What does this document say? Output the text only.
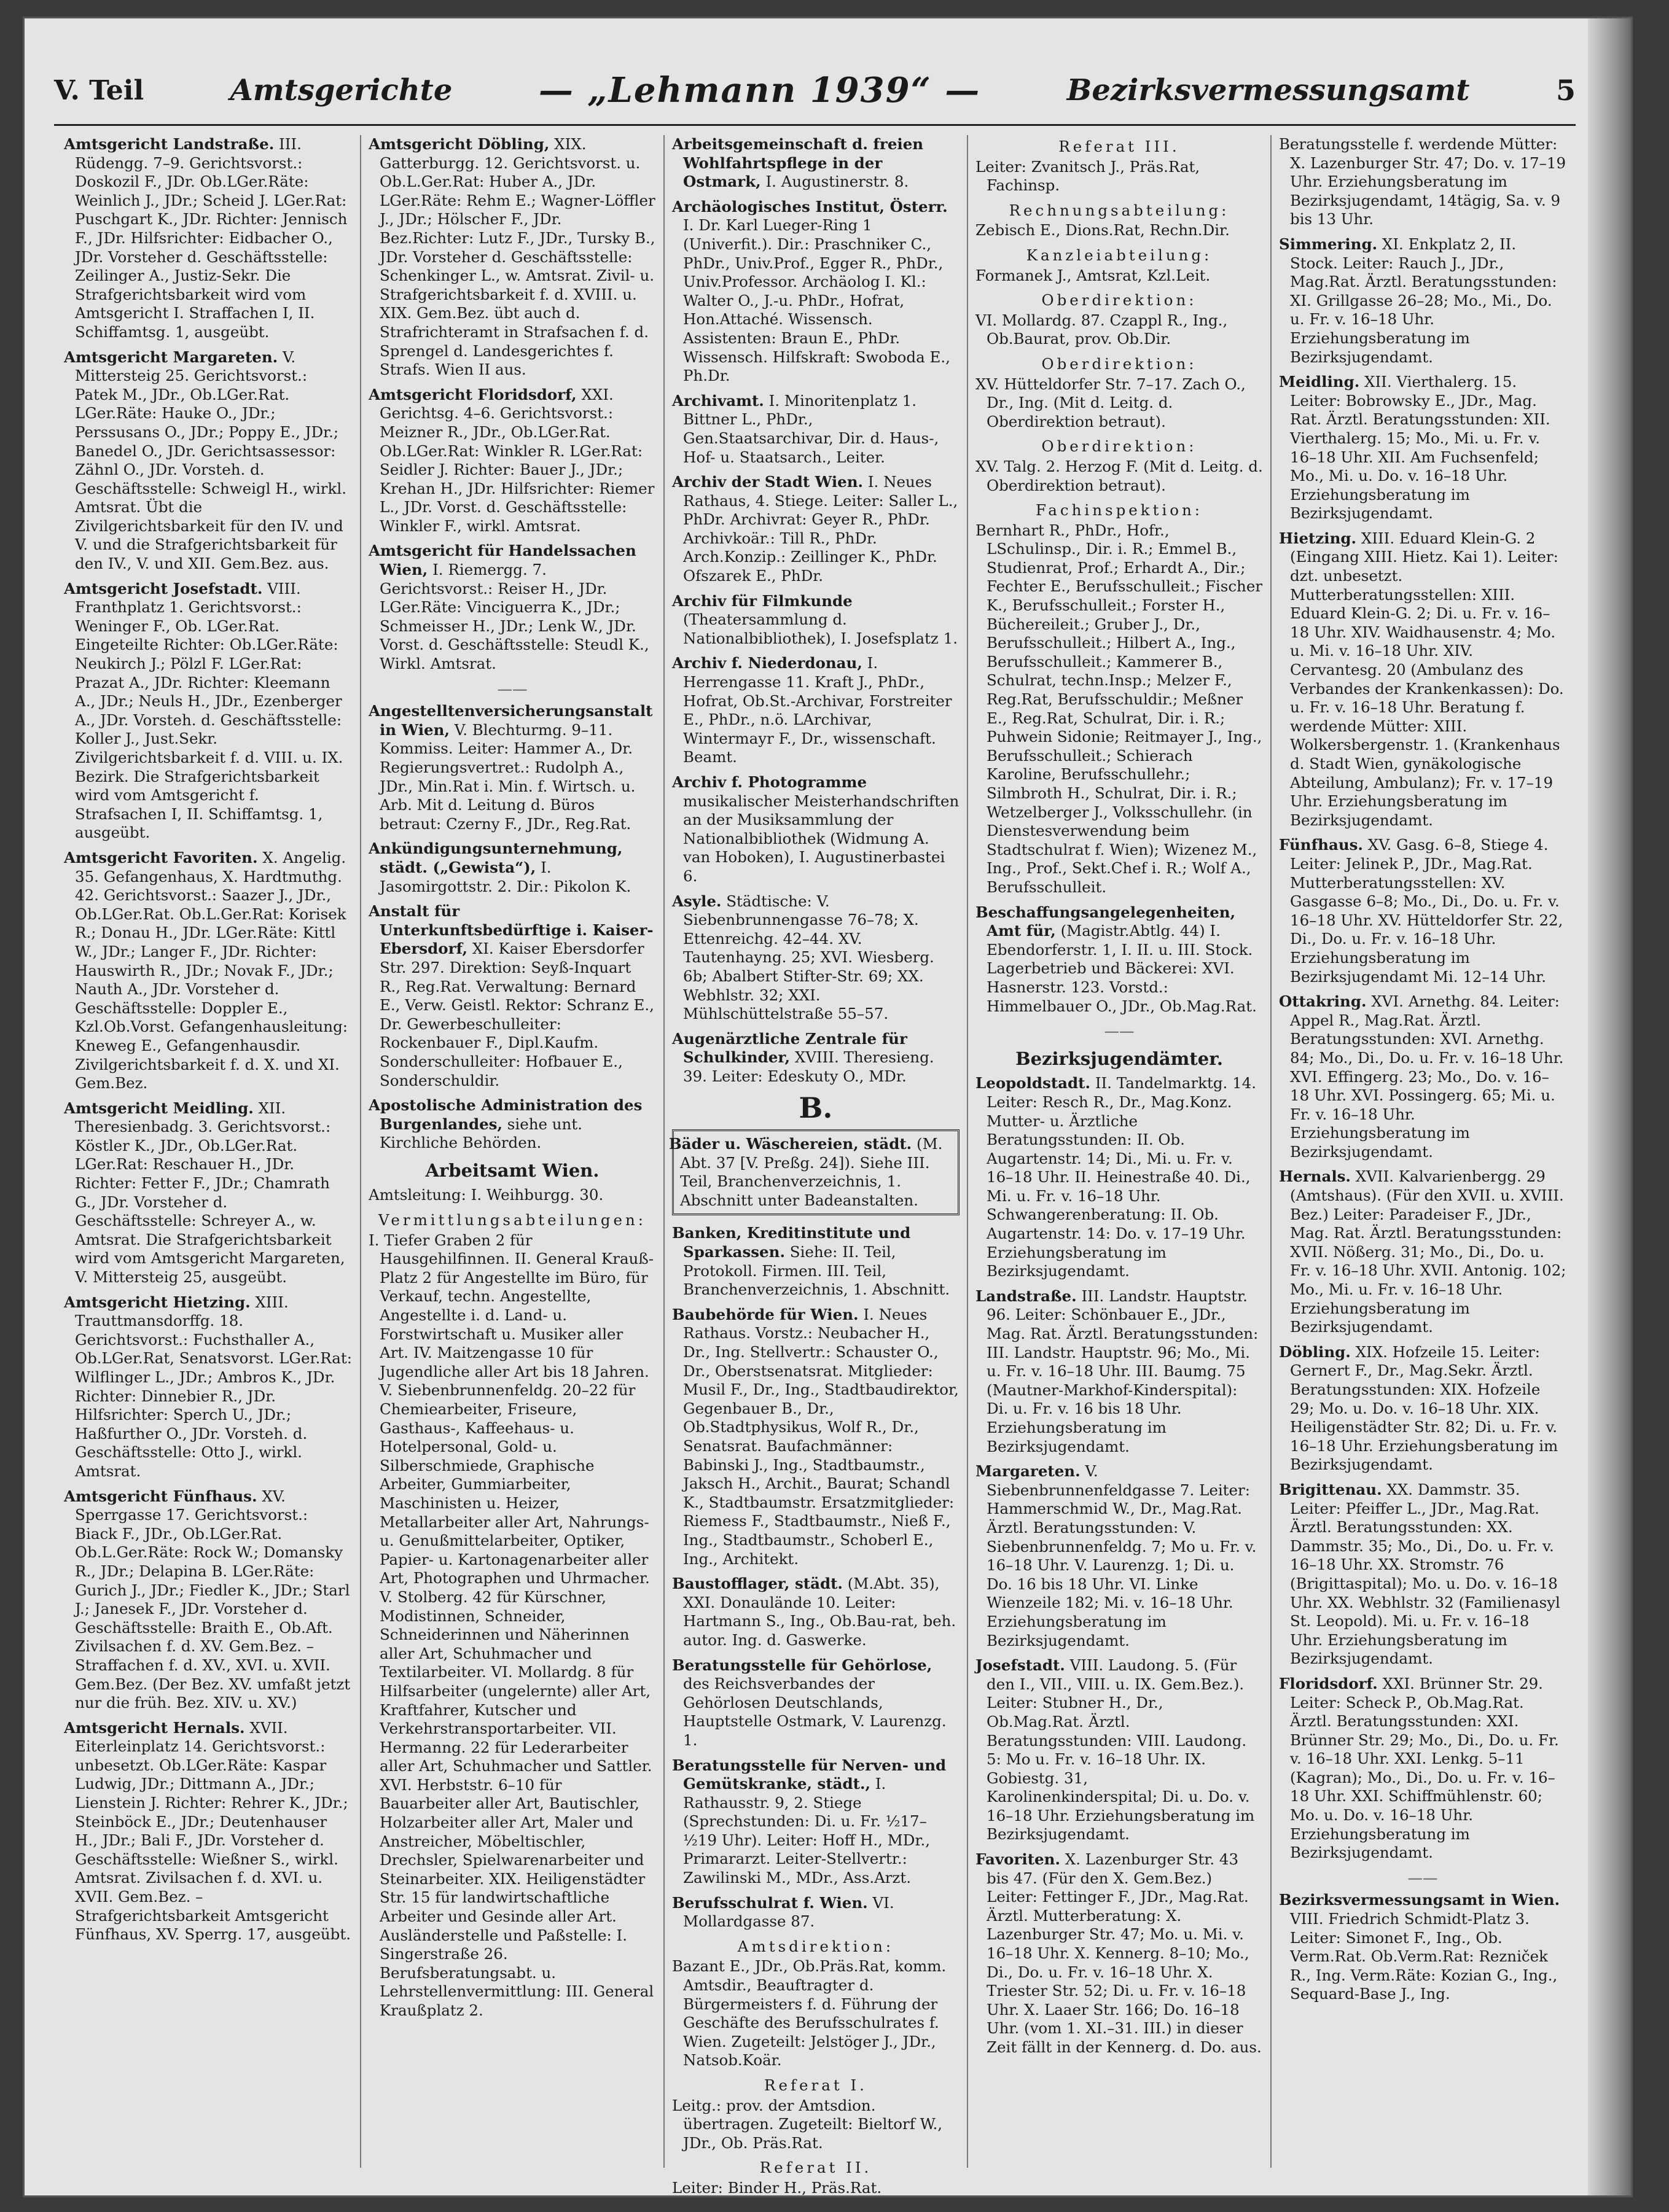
V. Teil	Amtsgerichte	— „Lehmann 1939“ —	Bezirksvermessungsamt	5
Amtsgericht Landstraße. III. Rüdengg. 7–9. Gerichtsvorst.: Doskozil F., JDr. Ob.LGer.Räte: Weinlich J., JDr.; Scheid J. LGer.Rat: Puschgart K., JDr. Richter: Jennisch F., JDr. Hilfsrichter: Eidbacher O., JDr. Vorsteher d. Geschäftsstelle: Zeilinger A., Justiz-Sekr. Die Strafgerichtsbarkeit wird vom Amtsgericht I. Straffachen I, II. Schiffamtsg. 1, ausgeübt.
Amtsgericht Margareten. V. Mittersteig 25. Gerichtsvorst.: Patek M., JDr., Ob.LGer.Rat. LGer.Räte: Hauke O., JDr.; Perssusans O., JDr.; Poppy E., JDr.; Banedel O., JDr. Gerichtsassessor: Zähnl O., JDr. Vorsteh. d. Geschäftsstelle: Schweigl H., wirkl. Amtsrat. Übt die Zivilgerichtsbarkeit für den IV. und V. und die Strafgerichtsbarkeit für den IV., V. und XII. Gem.Bez. aus.
Amtsgericht Josefstadt. VIII. Franthplatz 1. Gerichtsvorst.: Weninger F., Ob. LGer.Rat. Eingeteilte Richter: Ob.LGer.Räte: Neukirch J.; Pölzl F. LGer.Rat: Prazat A., JDr. Richter: Kleemann A., JDr.; Neuls H., JDr., Ezenberger A., JDr. Vorsteh. d. Geschäftsstelle: Koller J., Just.Sekr. Zivilgerichtsbarkeit f. d. VIII. u. IX. Bezirk. Die Strafgerichtsbarkeit wird vom Amtsgericht f. Strafsachen I, II. Schiffamtsg. 1, ausgeübt.
Amtsgericht Favoriten. X. Angelig. 35. Gefangenhaus, X. Hardtmuthg. 42. Gerichtsvorst.: Saazer J., JDr., Ob.LGer.Rat. Ob.L.Ger.Rat: Korisek R.; Donau H., JDr. LGer.Räte: Kittl W., JDr.; Langer F., JDr. Richter: Hauswirth R., JDr.; Novak F., JDr.; Nauth A., JDr. Vorsteher d. Geschäftsstelle: Doppler E., Kzl.Ob.Vorst. Gefangenhausleitung: Kneweg E., Gefangenhausdir. Zivilgerichtsbarkeit f. d. X. und XI. Gem.Bez.
Amtsgericht Meidling. XII. Theresienbadg. 3. Gerichtsvorst.: Köstler K., JDr., Ob.LGer.Rat. LGer.Rat: Reschauer H., JDr. Richter: Fetter F., JDr.; Chamrath G., JDr. Vorsteher d. Geschäftsstelle: Schreyer A., w. Amtsrat. Die Strafgerichtsbarkeit wird vom Amtsgericht Margareten, V. Mittersteig 25, ausgeübt.
Amtsgericht Hietzing. XIII. Trauttmansdorffg. 18. Gerichtsvorst.: Fuchsthaller A., Ob.LGer.Rat, Senatsvorst. LGer.Rat: Wilflinger L., JDr.; Ambros K., JDr. Richter: Dinnebier R., JDr. Hilfsrichter: Sperch U., JDr.; Haßfurther O., JDr. Vorsteh. d. Geschäftsstelle: Otto J., wirkl. Amtsrat.
Amtsgericht Fünfhaus. XV. Sperrgasse 17. Gerichtsvorst.: Biack F., JDr., Ob.LGer.Rat. Ob.L.Ger.Räte: Rock W.; Domansky R., JDr.; Delapina B. LGer.Räte: Gurich J., JDr.; Fiedler K., JDr.; Starl J.; Janesek F., JDr. Vorsteher d. Geschäftsstelle: Braith E., Ob.Aft. Zivilsachen f. d. XV. Gem.Bez. – Straffachen f. d. XV., XVI. u. XVII. Gem.Bez. (Der Bez. XV. umfaßt jetzt nur die früh. Bez. XIV. u. XV.)
Amtsgericht Hernals. XVII. Eiterleinplatz 14. Gerichtsvorst.: unbesetzt. Ob.LGer.Räte: Kaspar Ludwig, JDr.; Dittmann A., JDr.; Lienstein J. Richter: Rehrer K., JDr.; Steinböck E., JDr.; Deutenhauser H., JDr.; Bali F., JDr. Vorsteher d. Geschäftsstelle: Wießner S., wirkl. Amtsrat. Zivilsachen f. d. XVI. u. XVII. Gem.Bez. – Strafgerichtsbarkeit Amtsgericht Fünfhaus, XV. Sperrg. 17, ausgeübt.
Amtsgericht Döbling, XIX. Gatterburgg. 12. Gerichtsvorst. u. Ob.L.Ger.Rat: Huber A., JDr. LGer.Räte: Rehm E.; Wagner-Löffler J., JDr.; Hölscher F., JDr. Bez.Richter: Lutz F., JDr., Tursky B., JDr. Vorsteher d. Geschäftsstelle: Schenkinger L., w. Amtsrat. Zivil- u. Strafgerichtsbarkeit f. d. XVIII. u. XIX. Gem.Bez. übt auch d. Strafrichteramt in Strafsachen f. d. Sprengel d. Landesgerichtes f. Strafs. Wien II aus.
Amtsgericht Floridsdorf, XXI. Gerichtsg. 4–6. Gerichtsvorst.: Meizner R., JDr., Ob.LGer.Rat. Ob.LGer.Rat: Winkler R. LGer.Rat: Seidler J. Richter: Bauer J., JDr.; Krehan H., JDr. Hilfsrichter: Riemer L., JDr. Vorst. d. Geschäftsstelle: Winkler F., wirkl. Amtsrat.
Amtsgericht für Handelssachen Wien, I. Riemergg. 7. Gerichtsvorst.: Reiser H., JDr. LGer.Räte: Vinciguerra K., JDr.; Schmeisser H., JDr.; Lenk W., JDr. Vorst. d. Geschäftsstelle: Steudl K., Wirkl. Amtsrat.
——
Angestelltenversicherungsanstalt in Wien, V. Blechturmg. 9–11. Kommiss. Leiter: Hammer A., Dr. Regierungsvertret.: Rudolph A., JDr., Min.Rat i. Min. f. Wirtsch. u. Arb. Mit d. Leitung d. Büros betraut: Czerny F., JDr., Reg.Rat.
Ankündigungsunternehmung, städt. („Gewista“), I. Jasomirgottstr. 2. Dir.: Pikolon K.
Anstalt für Unterkunftsbedürftige i. Kaiser-Ebersdorf, XI. Kaiser Ebersdorfer Str. 297. Direktion: Seyß-Inquart R., Reg.Rat. Verwaltung: Bernard E., Verw. Geistl. Rektor: Schranz E., Dr. Gewerbeschulleiter: Rockenbauer F., Dipl.Kaufm. Sonderschulleiter: Hofbauer E., Sonderschuldir.
Apostolische Administration des Burgenlandes, siehe unt. Kirchliche Behörden.
Arbeitsamt Wien.
Amtsleitung: I. Weihburgg. 30.
Vermittlungsabteilungen:
I. Tiefer Graben 2 für Hausgehilfinnen. II. General Krauß-Platz 2 für Angestellte im Büro, für Verkauf, techn. Angestellte, Angestellte i. d. Land- u. Forstwirtschaft u. Musiker aller Art. IV. Maitzengasse 10 für Jugendliche aller Art bis 18 Jahren. V. Siebenbrunnenfeldg. 20–22 für Chemiearbeiter, Friseure, Gasthaus-, Kaffeehaus- u. Hotelpersonal, Gold- u. Silberschmiede, Graphische Arbeiter, Gummiarbeiter, Maschinisten u. Heizer, Metallarbeiter aller Art, Nahrungs- u. Genußmittelarbeiter, Optiker, Papier- u. Kartonagenarbeiter aller Art, Photographen und Uhrmacher. V. Stolberg. 42 für Kürschner, Modistinnen, Schneider, Schneiderinnen und Näherinnen aller Art, Schuhmacher und Textilarbeiter. VI. Mollardg. 8 für Hilfsarbeiter (ungelernte) aller Art, Kraftfahrer, Kutscher und Verkehrstransportarbeiter. VII. Hermanng. 22 für Lederarbeiter aller Art, Schuhmacher und Sattler. XVI. Herbststr. 6–10 für Bauarbeiter aller Art, Bautischler, Holzarbeiter aller Art, Maler und Anstreicher, Möbeltischler, Drechsler, Spielwarenarbeiter und Steinarbeiter. XIX. Heiligenstädter Str. 15 für landwirtschaftliche Arbeiter und Gesinde aller Art. Ausländerstelle und Paßstelle: I. Singerstraße 26. Berufsberatungsabt. u. Lehrstellenvermittlung: III. General Kraußplatz 2.
Arbeitsgemeinschaft d. freien Wohlfahrtspflege in der Ostmark, I. Augustinerstr. 8.
Archäologisches Institut, Österr. I. Dr. Karl Lueger-Ring 1 (Univerfit.). Dir.: Praschniker C., PhDr., Univ.Prof., Egger R., PhDr., Univ.Professor. Archäolog I. Kl.: Walter O., J.-u. PhDr., Hofrat, Hon.Attaché. Wissensch. Assistenten: Braun E., PhDr. Wissensch. Hilfskraft: Swoboda E., Ph.Dr.
Archivamt. I. Minoritenplatz 1. Bittner L., PhDr., Gen.Staatsarchivar, Dir. d. Haus-, Hof- u. Staatsarch., Leiter.
Archiv der Stadt Wien. I. Neues Rathaus, 4. Stiege. Leiter: Saller L., PhDr. Archivrat: Geyer R., PhDr. Archivkoär.: Till R., PhDr. Arch.Konzip.: Zeillinger K., PhDr. Ofszarek E., PhDr.
Archiv für Filmkunde (Theatersammlung d. Nationalbibliothek), I. Josefsplatz 1.
Archiv f. Niederdonau, I. Herrengasse 11. Kraft J., PhDr., Hofrat, Ob.St.-Archivar, Forstreiter E., PhDr., n.ö. LArchivar, Wintermayr F., Dr., wissenschaft. Beamt.
Archiv f. Photogramme musikalischer Meisterhandschriften an der Musiksammlung der Nationalbibliothek (Widmung A. van Hoboken), I. Augustinerbastei 6.
Asyle. Städtische: V. Siebenbrunnengasse 76–78; X. Ettenreichg. 42–44. XV. Tautenhayng. 25; XVI. Wiesberg. 6b; Abalbert Stifter-Str. 69; XX. Webhlstr. 32; XXI. Mühlschüttelstraße 55–57.
Augenärztliche Zentrale für Schulkinder, XVIII. Theresieng. 39. Leiter: Edeskuty O., MDr.
B.
Bäder u. Wäschereien, städt. (M. Abt. 37 [V. Preßg. 24]). Siehe III. Teil, Branchenverzeichnis, 1. Abschnitt unter Badeanstalten.
Banken, Kreditinstitute und Sparkassen. Siehe: II. Teil, Protokoll. Firmen. III. Teil, Branchenverzeichnis, 1. Abschnitt.
Baubehörde für Wien. I. Neues Rathaus. Vorstz.: Neubacher H., Dr., Ing. Stellvertr.: Schauster O., Dr., Oberstsenatsrat. Mitglieder: Musil F., Dr., Ing., Stadtbaudirektor, Gegenbauer B., Dr., Ob.Stadtphysikus, Wolf R., Dr., Senatsrat. Baufachmänner: Babinski J., Ing., Stadtbaumstr., Jaksch H., Archit., Baurat; Schandl K., Stadtbaumstr. Ersatzmitglieder: Riemess F., Stadtbaumstr., Nieß F., Ing., Stadtbaumstr., Schoberl E., Ing., Architekt.
Baustofflager, städt. (M.Abt. 35), XXI. Donaulände 10. Leiter: Hartmann S., Ing., Ob.Bau-rat, beh. autor. Ing. d. Gaswerke.
Beratungsstelle für Gehörlose, des Reichsverbandes der Gehörlosen Deutschlands, Hauptstelle Ostmark, V. Laurenzg. 1.
Beratungsstelle für Nerven- und Gemütskranke, städt., I. Rathausstr. 9, 2. Stiege (Sprechstunden: Di. u. Fr. ½17–½19 Uhr). Leiter: Hoff H., MDr., Primararzt. Leiter-Stellvertr.: Zawilinski M., MDr., Ass.Arzt.
Berufsschulrat f. Wien. VI. Mollardgasse 87.
Amtsdirektion:
Bazant E., JDr., Ob.Präs.Rat, komm. Amtsdir., Beauftragter d. Bürgermeisters f. d. Führung der Geschäfte des Berufsschulrates f. Wien. Zugeteilt: Jelstöger J., JDr., Natsob.Koär.
Referat I.
Leitg.: prov. der Amtsdion. übertragen. Zugeteilt: Bieltorf W., JDr., Ob. Präs.Rat.
Referat II.
Leiter: Binder H., Präs.Rat.
Referat III.
Leiter: Zvanitsch J., Präs.Rat, Fachinsp.
Rechnungsabteilung:
Zebisch E., Dions.Rat, Rechn.Dir.
Kanzleiabteilung:
Formanek J., Amtsrat, Kzl.Leit.
Oberdirektion:
VI. Mollardg. 87. Czappl R., Ing., Ob.Baurat, prov. Ob.Dir.
Oberdirektion:
XV. Hütteldorfer Str. 7–17. Zach O., Dr., Ing. (Mit d. Leitg. d. Oberdirektion betraut).
Oberdirektion:
XV. Talg. 2. Herzog F. (Mit d. Leitg. d. Oberdirektion betraut).
Fachinspektion:
Bernhart R., PhDr., Hofr., LSchulinsp., Dir. i. R.; Emmel B., Studienrat, Prof.; Erhardt A., Dir.; Fechter E., Berufsschulleit.; Fischer K., Berufsschulleit.; Forster H., Büchereileit.; Gruber J., Dr., Berufsschulleit.; Hilbert A., Ing., Berufsschulleit.; Kammerer B., Schulrat, techn.Insp.; Melzer F., Reg.Rat, Berufsschuldir.; Meßner E., Reg.Rat, Schulrat, Dir. i. R.; Puhwein Sidonie; Reitmayer J., Ing., Berufsschulleit.; Schierach Karoline, Berufsschullehr.; Silmbroth H., Schulrat, Dir. i. R.; Wetzelberger J., Volksschullehr. (in Dienstesverwendung beim Stadtschulrat f. Wien); Wizenez M., Ing., Prof., Sekt.Chef i. R.; Wolf A., Berufsschulleit.
Beschaffungsangelegenheiten, Amt für, (Magistr.Abtlg. 44) I. Ebendorferstr. 1, I. II. u. III. Stock. Lagerbetrieb und Bäckerei: XVI. Hasnerstr. 123. Vorstd.: Himmelbauer O., JDr., Ob.Mag.Rat.
——
Bezirksjugendämter.
Leopoldstadt. II. Tandelmarktg. 14. Leiter: Resch R., Dr., Mag.Konz. Mutter- u. Ärztliche Beratungsstunden: II. Ob. Augartenstr. 14; Di., Mi. u. Fr. v. 16–18 Uhr. II. Heinestraße 40. Di., Mi. u. Fr. v. 16–18 Uhr. Schwangerenberatung: II. Ob. Augartenstr. 14: Do. v. 17–19 Uhr. Erziehungsberatung im Bezirksjugendamt.
Landstraße. III. Landstr. Hauptstr. 96. Leiter: Schönbauer E., JDr., Mag. Rat. Ärztl. Beratungsstunden: III. Landstr. Hauptstr. 96; Mo., Mi. u. Fr. v. 16–18 Uhr. III. Baumg. 75 (Mautner-Markhof-Kinderspital): Di. u. Fr. v. 16 bis 18 Uhr. Erziehungsberatung im Bezirksjugendamt.
Margareten. V. Siebenbrunnenfeldgasse 7. Leiter: Hammerschmid W., Dr., Mag.Rat. Ärztl. Beratungsstunden: V. Siebenbrunnenfeldg. 7; Mo u. Fr. v. 16–18 Uhr. V. Laurenzg. 1; Di. u. Do. 16 bis 18 Uhr. VI. Linke Wienzeile 182; Mi. v. 16–18 Uhr. Erziehungsberatung im Bezirksjugendamt.
Josefstadt. VIII. Laudong. 5. (Für den I., VII., VIII. u. IX. Gem.Bez.). Leiter: Stubner H., Dr., Ob.Mag.Rat. Ärztl. Beratungsstunden: VIII. Laudong. 5: Mo u. Fr. v. 16–18 Uhr. IX. Gobiestg. 31, Karolinenkinderspital; Di. u. Do. v. 16–18 Uhr. Erziehungsberatung im Bezirksjugendamt.
Favoriten. X. Lazenburger Str. 43 bis 47. (Für den X. Gem.Bez.) Leiter: Fettinger F., JDr., Mag.Rat. Ärztl. Mutterberatung: X. Lazenburger Str. 47; Mo. u. Mi. v. 16–18 Uhr. X. Kennerg. 8–10; Mo., Di., Do. u. Fr. v. 16–18 Uhr. X. Triester Str. 52; Di. u. Fr. v. 16–18 Uhr. X. Laaer Str. 166; Do. 16–18 Uhr. (vom 1. XI.–31. III.) in dieser Zeit fällt in der Kennerg. d. Do. aus.
Beratungsstelle f. werdende Mütter: X. Lazenburger Str. 47; Do. v. 17–19 Uhr. Erziehungsberatung im Bezirksjugendamt, 14tägig, Sa. v. 9 bis 13 Uhr.
Simmering. XI. Enkplatz 2, II. Stock. Leiter: Rauch J., JDr., Mag.Rat. Ärztl. Beratungsstunden: XI. Grillgasse 26–28; Mo., Mi., Do. u. Fr. v. 16–18 Uhr. Erziehungsberatung im Bezirksjugendamt.
Meidling. XII. Vierthalerg. 15. Leiter: Bobrowsky E., JDr., Mag. Rat. Ärztl. Beratungsstunden: XII. Vierthalerg. 15; Mo., Mi. u. Fr. v. 16–18 Uhr. XII. Am Fuchsenfeld; Mo., Mi. u. Do. v. 16–18 Uhr. Erziehungsberatung im Bezirksjugendamt.
Hietzing. XIII. Eduard Klein-G. 2 (Eingang XIII. Hietz. Kai 1). Leiter: dzt. unbesetzt. Mutterberatungsstellen: XIII. Eduard Klein-G. 2; Di. u. Fr. v. 16–18 Uhr. XIV. Waidhausenstr. 4; Mo. u. Mi. v. 16–18 Uhr. XIV. Cervantesg. 20 (Ambulanz des Verbandes der Krankenkassen): Do. u. Fr. v. 16–18 Uhr. Beratung f. werdende Mütter: XIII. Wolkersbergenstr. 1. (Krankenhaus d. Stadt Wien, gynäkologische Abteilung, Ambulanz); Fr. v. 17–19 Uhr. Erziehungsberatung im Bezirksjugendamt.
Fünfhaus. XV. Gasg. 6–8, Stiege 4. Leiter: Jelinek P., JDr., Mag.Rat. Mutterberatungsstellen: XV. Gasgasse 6–8; Mo., Di., Do. u. Fr. v. 16–18 Uhr. XV. Hütteldorfer Str. 22, Di., Do. u. Fr. v. 16–18 Uhr. Erziehungsberatung im Bezirksjugendamt Mi. 12–14 Uhr.
Ottakring. XVI. Arnethg. 84. Leiter: Appel R., Mag.Rat. Ärztl. Beratungsstunden: XVI. Arnethg. 84; Mo., Di., Do. u. Fr. v. 16–18 Uhr. XVI. Effingerg. 23; Mo., Do. v. 16–18 Uhr. XVI. Possingerg. 65; Mi. u. Fr. v. 16–18 Uhr. Erziehungsberatung im Bezirksjugendamt.
Hernals. XVII. Kalvarienbergg. 29 (Amtshaus). (Für den XVII. u. XVIII. Bez.) Leiter: Paradeiser F., JDr., Mag. Rat. Ärztl. Beratungsstunden: XVII. Nößerg. 31; Mo., Di., Do. u. Fr. v. 16–18 Uhr. XVII. Antonig. 102; Mo., Mi. u. Fr. v. 16–18 Uhr. Erziehungsberatung im Bezirksjugendamt.
Döbling. XIX. Hofzeile 15. Leiter: Gernert F., Dr., Mag.Sekr. Ärztl. Beratungsstunden: XIX. Hofzeile 29; Mo. u. Do. v. 16–18 Uhr. XIX. Heiligenstädter Str. 82; Di. u. Fr. v. 16–18 Uhr. Erziehungsberatung im Bezirksjugendamt.
Brigittenau. XX. Dammstr. 35. Leiter: Pfeiffer L., JDr., Mag.Rat. Ärztl. Beratungsstunden: XX. Dammstr. 35; Mo., Di., Do. u. Fr. v. 16–18 Uhr. XX. Stromstr. 76 (Brigittaspital); Mo. u. Do. v. 16–18 Uhr. XX. Webhlstr. 32 (Familienasyl St. Leopold). Mi. u. Fr. v. 16–18 Uhr. Erziehungsberatung im Bezirksjugendamt.
Floridsdorf. XXI. Brünner Str. 29. Leiter: Scheck P., Ob.Mag.Rat. Ärztl. Beratungsstunden: XXI. Brünner Str. 29; Mo., Di., Do. u. Fr. v. 16–18 Uhr. XXI. Lenkg. 5–11 (Kagran); Mo., Di., Do. u. Fr. v. 16–18 Uhr. XXI. Schiffmühlenstr. 60; Mo. u. Do. v. 16–18 Uhr. Erziehungsberatung im Bezirksjugendamt.
——
Bezirksvermessungsamt in Wien. VIII. Friedrich Schmidt-Platz 3. Leiter: Simonet F., Ing., Ob. Verm.Rat. Ob.Verm.Rat: Rezniček R., Ing. Verm.Räte: Kozian G., Ing., Sequard-Base J., Ing.
